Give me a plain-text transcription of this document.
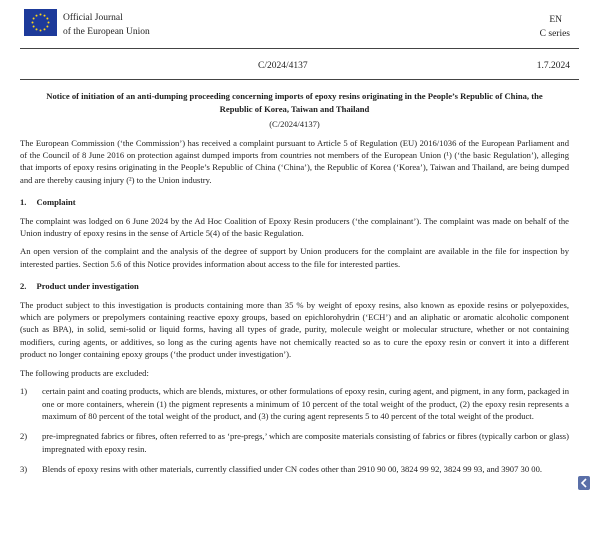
Official Journal
of the European Union
EN
C series
C/2024/4137	1.7.2024
Notice of initiation of an anti-dumping proceeding concerning imports of epoxy resins originating in the People’s Republic of China, the Republic of Korea, Taiwan and Thailand
(C/2024/4137)

The European Commission (‘the Commission’) has received a complaint pursuant to Article 5 of Regulation (EU) 2016/1036 of the European Parliament and of the Council of 8 June 2016 on protection against dumped imports from countries not members of the European Union (¹) (‘the basic Regulation’), alleging that imports of epoxy resins originating in the People’s Republic of China (‘China’), the Republic of Korea (‘Korea’), Taiwan and Thailand, are being dumped and are thereby causing injury (²) to the Union industry.

1. Complaint

The complaint was lodged on 6 June 2024 by the Ad Hoc Coalition of Epoxy Resin producers (‘the complainant’). The complaint was made on behalf of the Union industry of epoxy resins in the sense of Article 5(4) of the basic Regulation.

An open version of the complaint and the analysis of the degree of support by Union producers for the complaint are available in the file for inspection by interested parties. Section 5.6 of this Notice provides information about access to the file for interested parties.

2. Product under investigation

The product subject to this investigation is products containing more than 35 % by weight of epoxy resins, also known as epoxide resins or polyepoxides, which are polymers or prepolymers containing reactive epoxy groups, based on epichlorohydrin (‘ECH’) and an aliphatic or aromatic alcoholic component (such as BPA), in solid, semi-solid or liquid forms, having all types of grade, purity, molecule weight or molecular structure, whether or not containing modifiers, curing agents, or additives, so long as the curing agents have not chemically reacted so as to cure the epoxy resin or convert it into a different product no longer containing epoxy groups (‘the product under investigation’).

The following products are excluded:

1)	certain paint and coating products, which are blends, mixtures, or other formulations of epoxy resin, curing agent, and pigment, in any form, packaged in one or more containers, wherein (1) the pigment represents a minimum of 10 percent of the total weight of the product, (2) the epoxy resin represents a maximum of 80 percent of the total weight of the product, and (3) the curing agent represents 5 to 40 percent of the total weight of the product.
2)	pre-impregnated fabrics or fibres, often referred to as ‘pre-pregs,’ which are composite materials consisting of fabrics or fibres (typically carbon or glass) impregnated with epoxy resin.
3)	Blends of epoxy resins with other materials, currently classified under CN codes other than 2910 90 00, 3824 99 92, 3824 99 93, and 3907 30 00.
